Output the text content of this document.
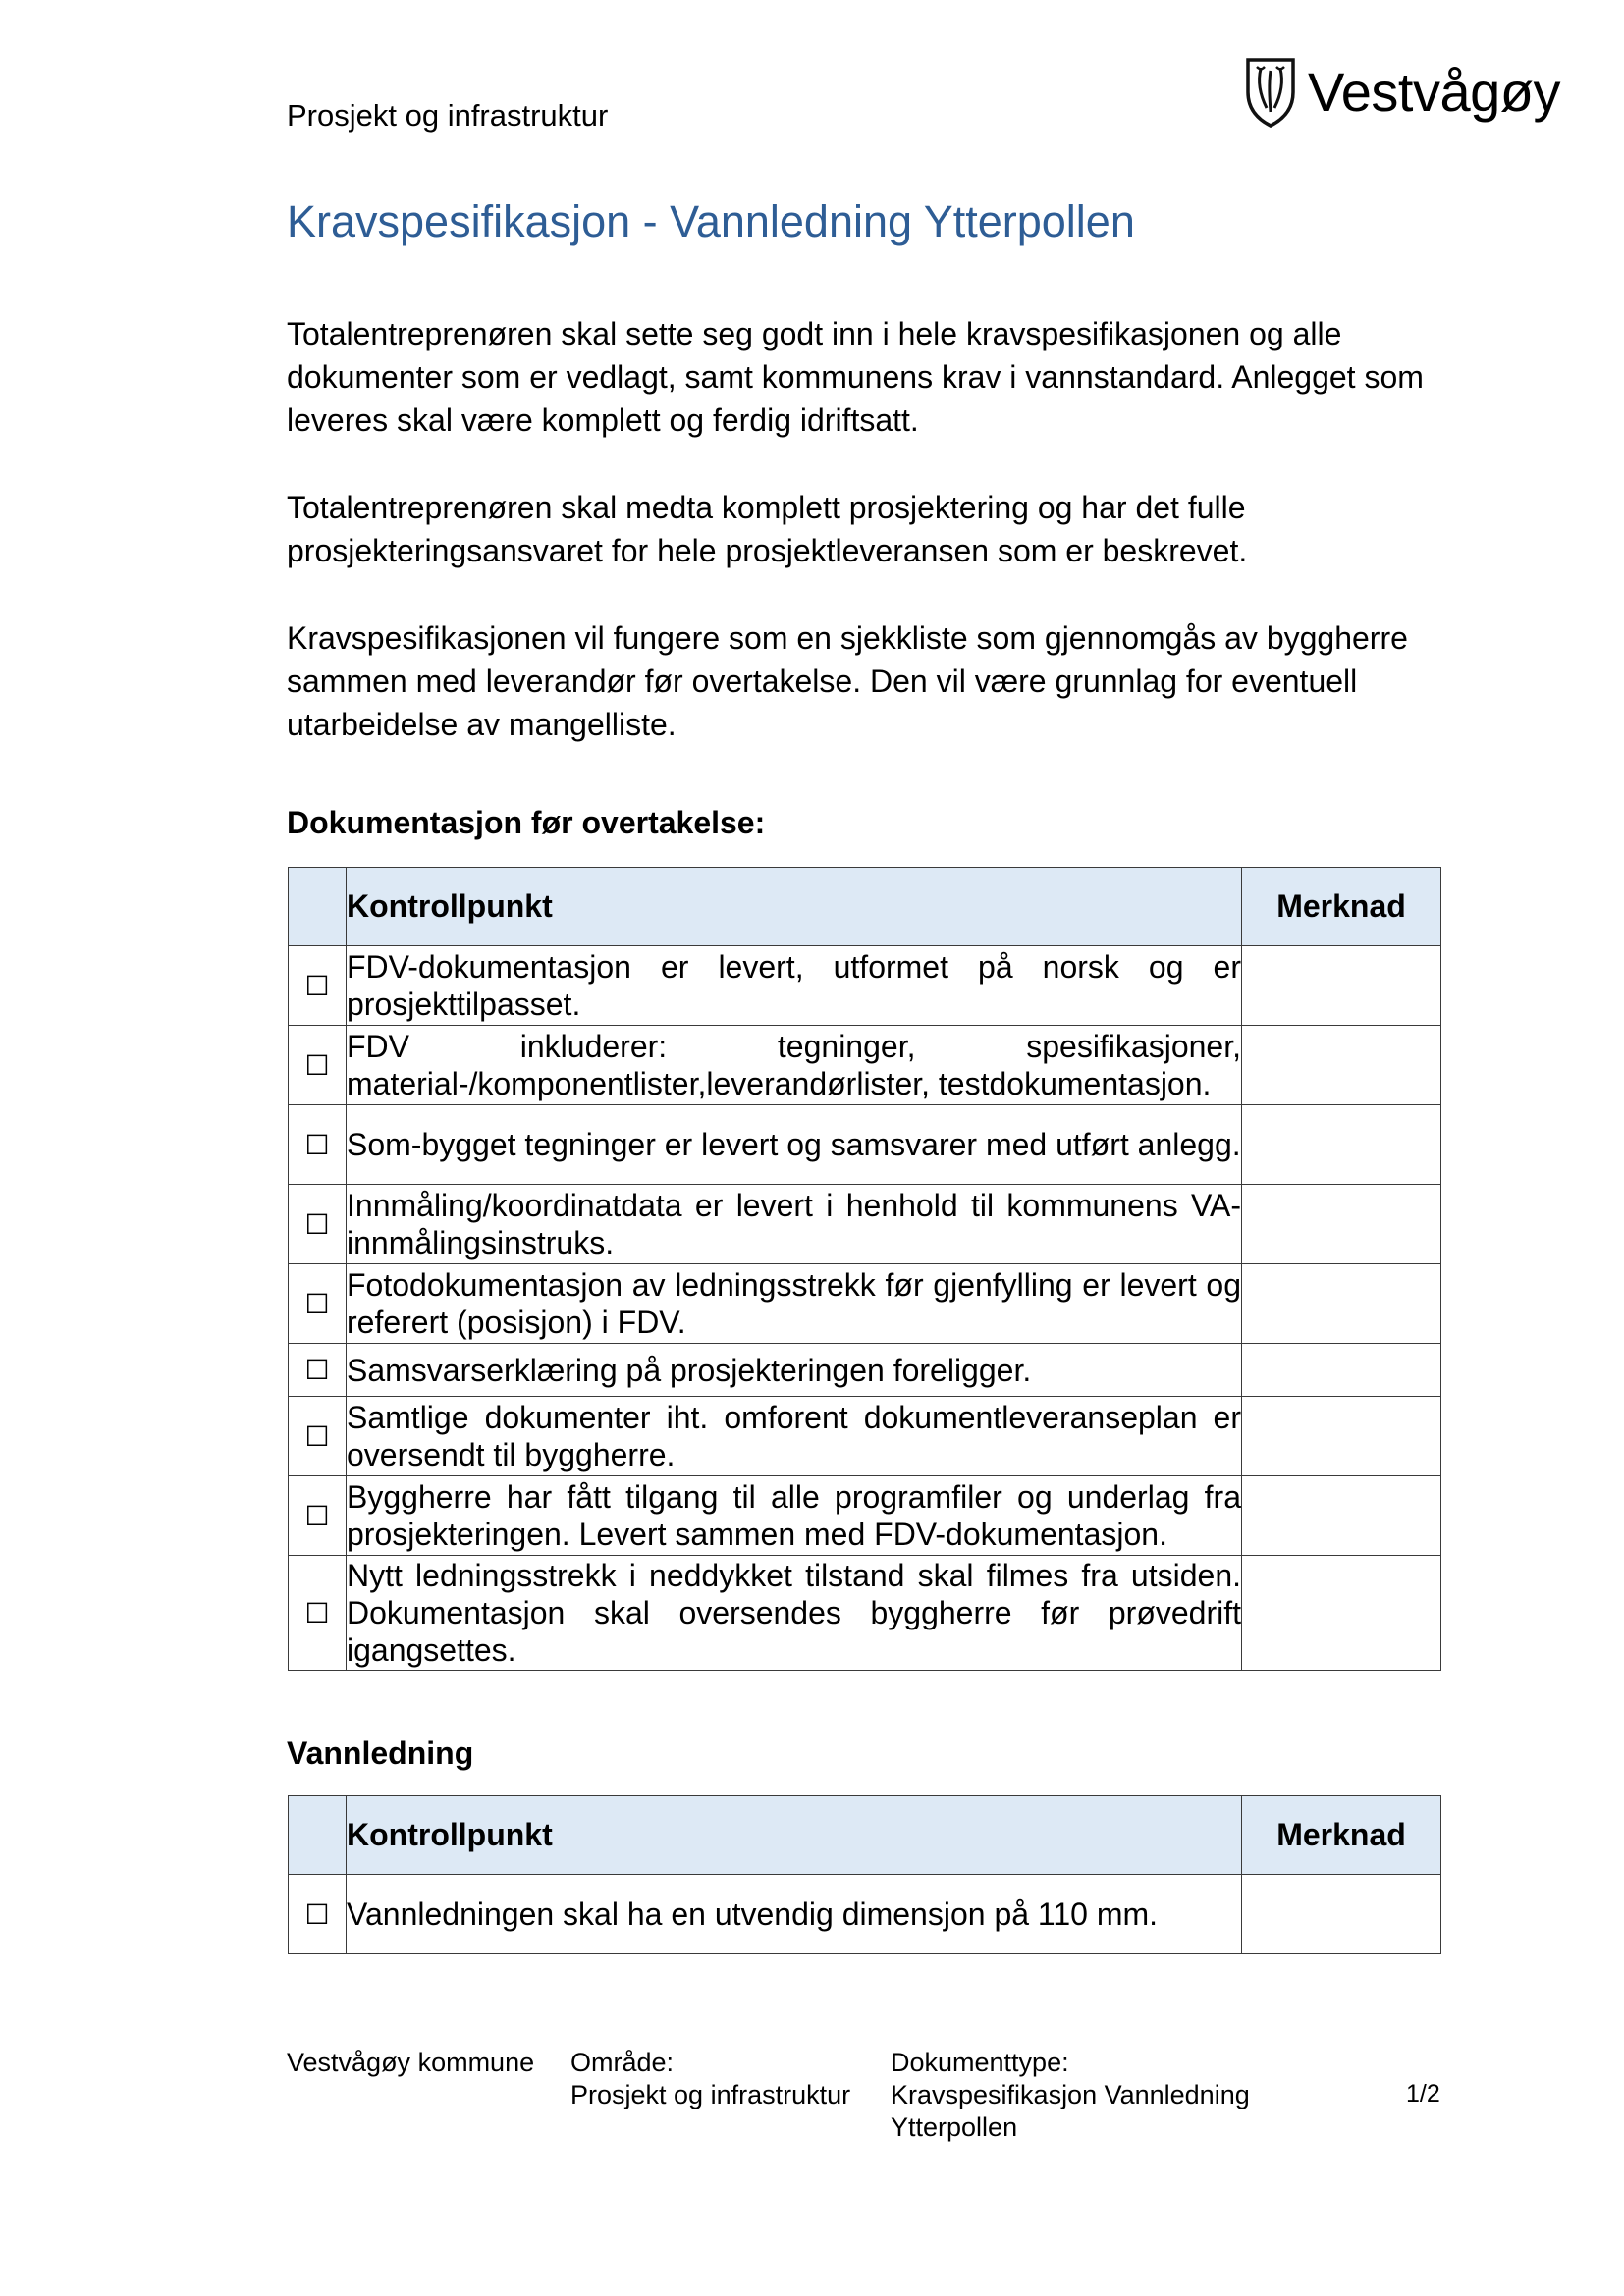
Prosjekt og infrastruktur	Vestvågøy
Kravspesifikasjon - Vannledning Ytterpollen

Totalentreprenøren skal sette seg godt inn i hele kravspesifikasjonen og alle dokumenter som er vedlagt, samt kommunens krav i vannstandard. Anlegget som leveres skal være komplett og ferdig idriftsatt.

Totalentreprenøren skal medta komplett prosjektering og har det fulle prosjekteringsansvaret for hele prosjektleveransen som er beskrevet.

Kravspesifikasjonen vil fungere som en sjekkliste som gjennomgås av byggherre sammen med leverandør før overtakelse. Den vil være grunnlag for eventuell utarbeidelse av mangelliste.

Dokumentasjon før overtakelse:
	Kontrollpunkt	Merknad
☐	FDV-dokumentasjon er levert, utformet på norsk og er prosjekttilpasset.	
☐	FDV inkluderer: tegninger, spesifikasjoner, material-/komponentlister,leverandørlister, testdokumentasjon.	
☐	Som-bygget tegninger er levert og samsvarer med utført anlegg.	
☐	Innmåling/koordinatdata er levert i henhold til kommunens VA-innmålingsinstruks.	
☐	Fotodokumentasjon av ledningsstrekk før gjenfylling er levert og referert (posisjon) i FDV.	
☐	Samsvarserklæring på prosjekteringen foreligger.	
☐	Samtlige dokumenter iht. omforent dokumentleveranseplan er oversendt til byggherre.	
☐	Byggherre har fått tilgang til alle programfiler og underlag fra prosjekteringen. Levert sammen med FDV-dokumentasjon.	
☐	Nytt ledningsstrekk i neddykket tilstand skal filmes fra utsiden. Dokumentasjon skal oversendes byggherre før prøvedrift igangsettes.	
Vannledning
	Kontrollpunkt	Merknad
☐	Vannledningen skal ha en utvendig dimensjon på 110 mm.	
Vestvågøy kommune Område:
Prosjekt og infrastruktur
Dokumenttype:
Kravspesifikasjon Vannledning Ytterpollen
1/2
